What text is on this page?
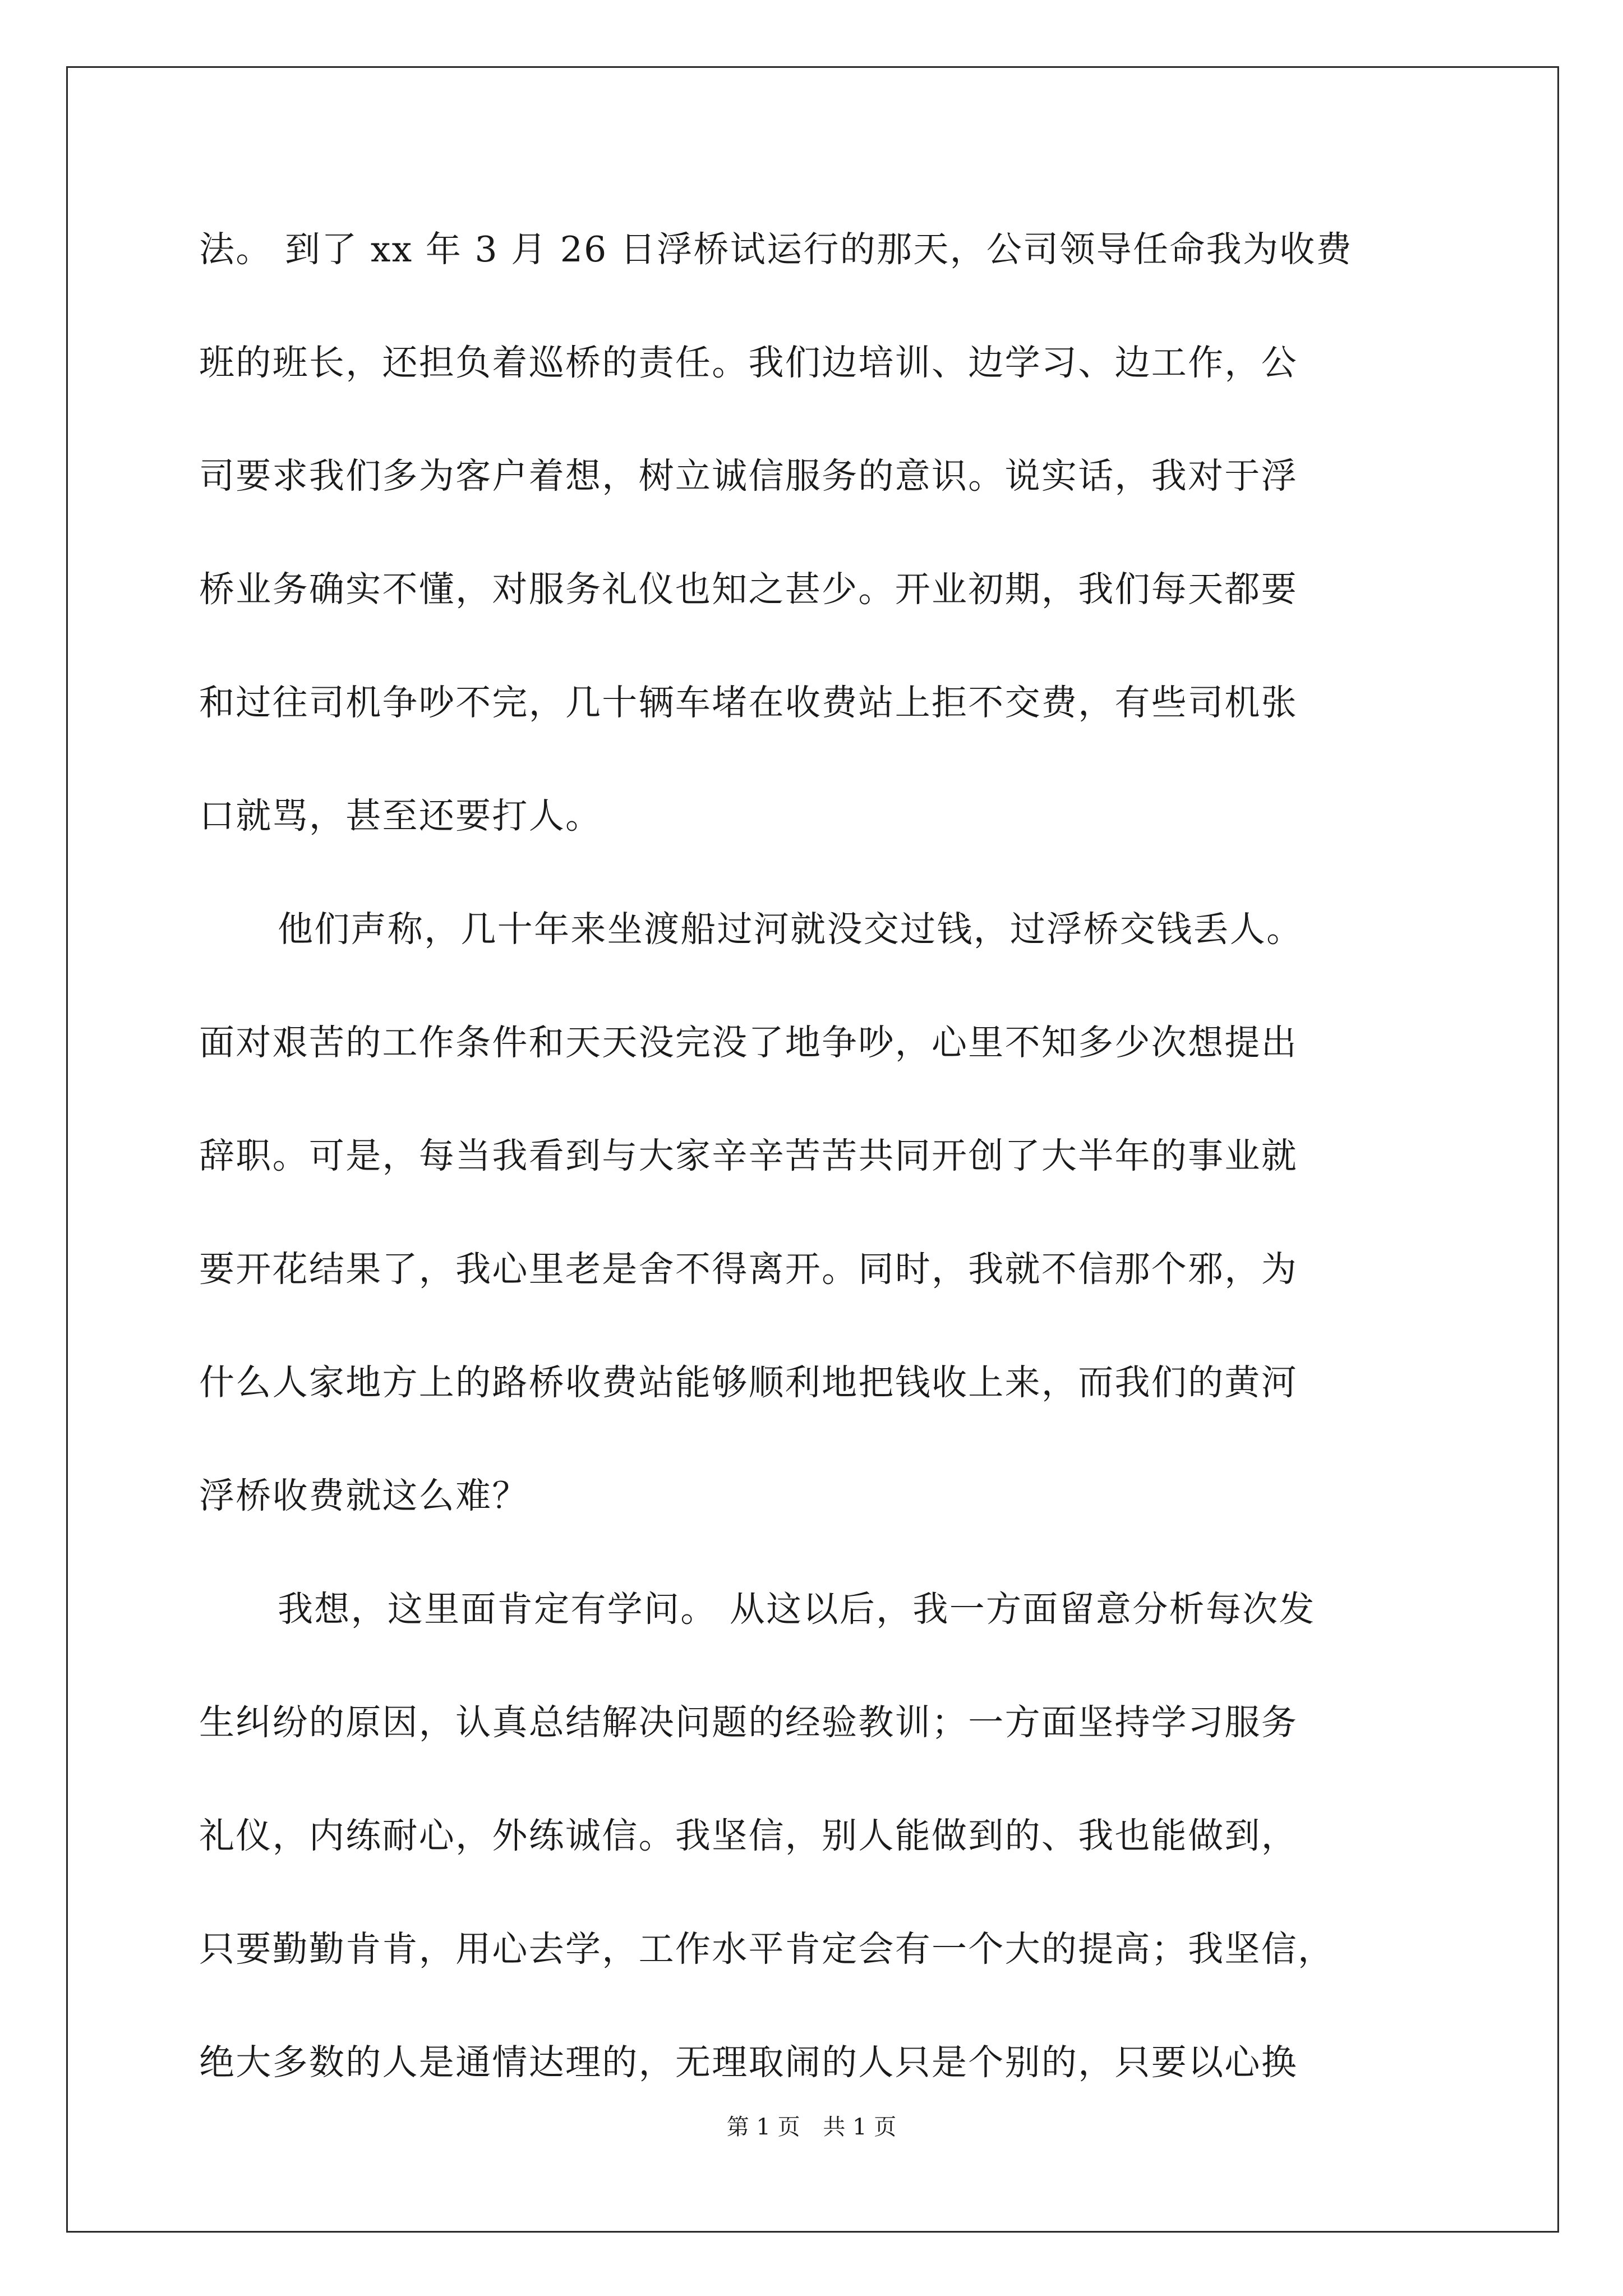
法。 到了 xx 年 3 月 26 日浮桥试运行的那天，公司领导任命我为收费
班的班长，还担负着巡桥的责任。我们边培训、边学习、边工作，公
司要求我们多为客户着想，树立诚信服务的意识。说实话，我对于浮
桥业务确实不懂，对服务礼仪也知之甚少。开业初期，我们每天都要
和过往司机争吵不完，几十辆车堵在收费站上拒不交费，有些司机张
口就骂，甚至还要打人。
他们声称，几十年来坐渡船过河就没交过钱，过浮桥交钱丢人。
面对艰苦的工作条件和天天没完没了地争吵，心里不知多少次想提出
辞职。可是，每当我看到与大家辛辛苦苦共同开创了大半年的事业就
要开花结果了，我心里老是舍不得离开。同时，我就不信那个邪，为
什么人家地方上的路桥收费站能够顺利地把钱收上来，而我们的黄河
浮桥收费就这么难？
我想，这里面肯定有学问。 从这以后，我一方面留意分析每次发
生纠纷的原因，认真总结解决问题的经验教训；一方面坚持学习服务
礼仪，内练耐心，外练诚信。我坚信，别人能做到的、我也能做到，
只要勤勤肯肯，用心去学，工作水平肯定会有一个大的提高；我坚信，
绝大多数的人是通情达理的，无理取闹的人只是个别的，只要以心换
第 1 页 共 1 页
